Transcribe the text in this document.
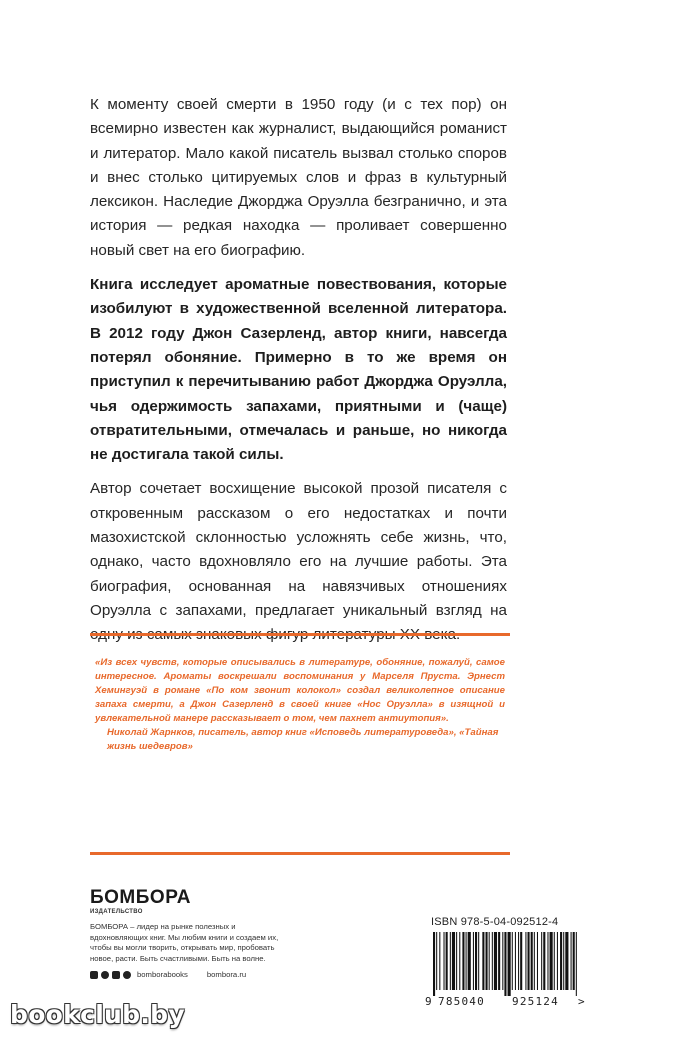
К моменту своей смерти в 1950 году (и с тех пор) он всемирно известен как журналист, выдающийся романист и литератор. Мало какой писатель вызвал столько споров и внес столько цитируемых слов и фраз в культурный лексикон. Наследие Джорджа Оруэлла безгранично, и эта история — редкая находка — проливает совершенно новый свет на его биографию.

Книга исследует ароматные повествования, которые изобилуют в художественной вселенной литератора. В 2012 году Джон Сазерленд, автор книги, навсегда потерял обоняние. Примерно в то же время он приступил к перечитыванию работ Джорджа Оруэлла, чья одержимость запахами, приятными и (чаще) отвратительными, отмечалась и раньше, но никогда не достигала такой силы.

Автор сочетает восхищение высокой прозой писателя с откровенным рассказом о его недостатках и почти мазохистской склонностью усложнять себе жизнь, что, однако, часто вдохновляло его на лучшие работы. Эта биография, основанная на навязчивых отношениях Оруэлла с запахами, предлагает уникальный взгляд на одну из самых знаковых фигур литературы XX века.

«Из всех чувств, которые описывались в литературе, обоняние, пожалуй, самое интересное. Ароматы воскрешали воспоминания у Марселя Пруста. Эрнест Хемингуэй в романе «По ком звонит колокол» создал великолепное описание запаха смерти, а Джон Сазерленд в своей книге «Нос Оруэлла» в изящной и увлекательной манере рассказывает о том, чем пахнет антиутопия».

Николай Жарнков, писатель, автор книг «Исповедь литературоведа», «Тайная жизнь шедевров»

БОМБОРА
ИЗДАТЕЛЬСТВО
БОМБОРА – лидер на рынке полезных и вдохновляющих книг. Мы любим книги и создаем их, чтобы вы могли творить, открывать мир, пробовать новое, расти. Быть счастливыми. Быть на волне.
bomborabooks bombora.ru
ISBN 978-5-04-092512-4
9 785040	925124	>
bookclub.by
